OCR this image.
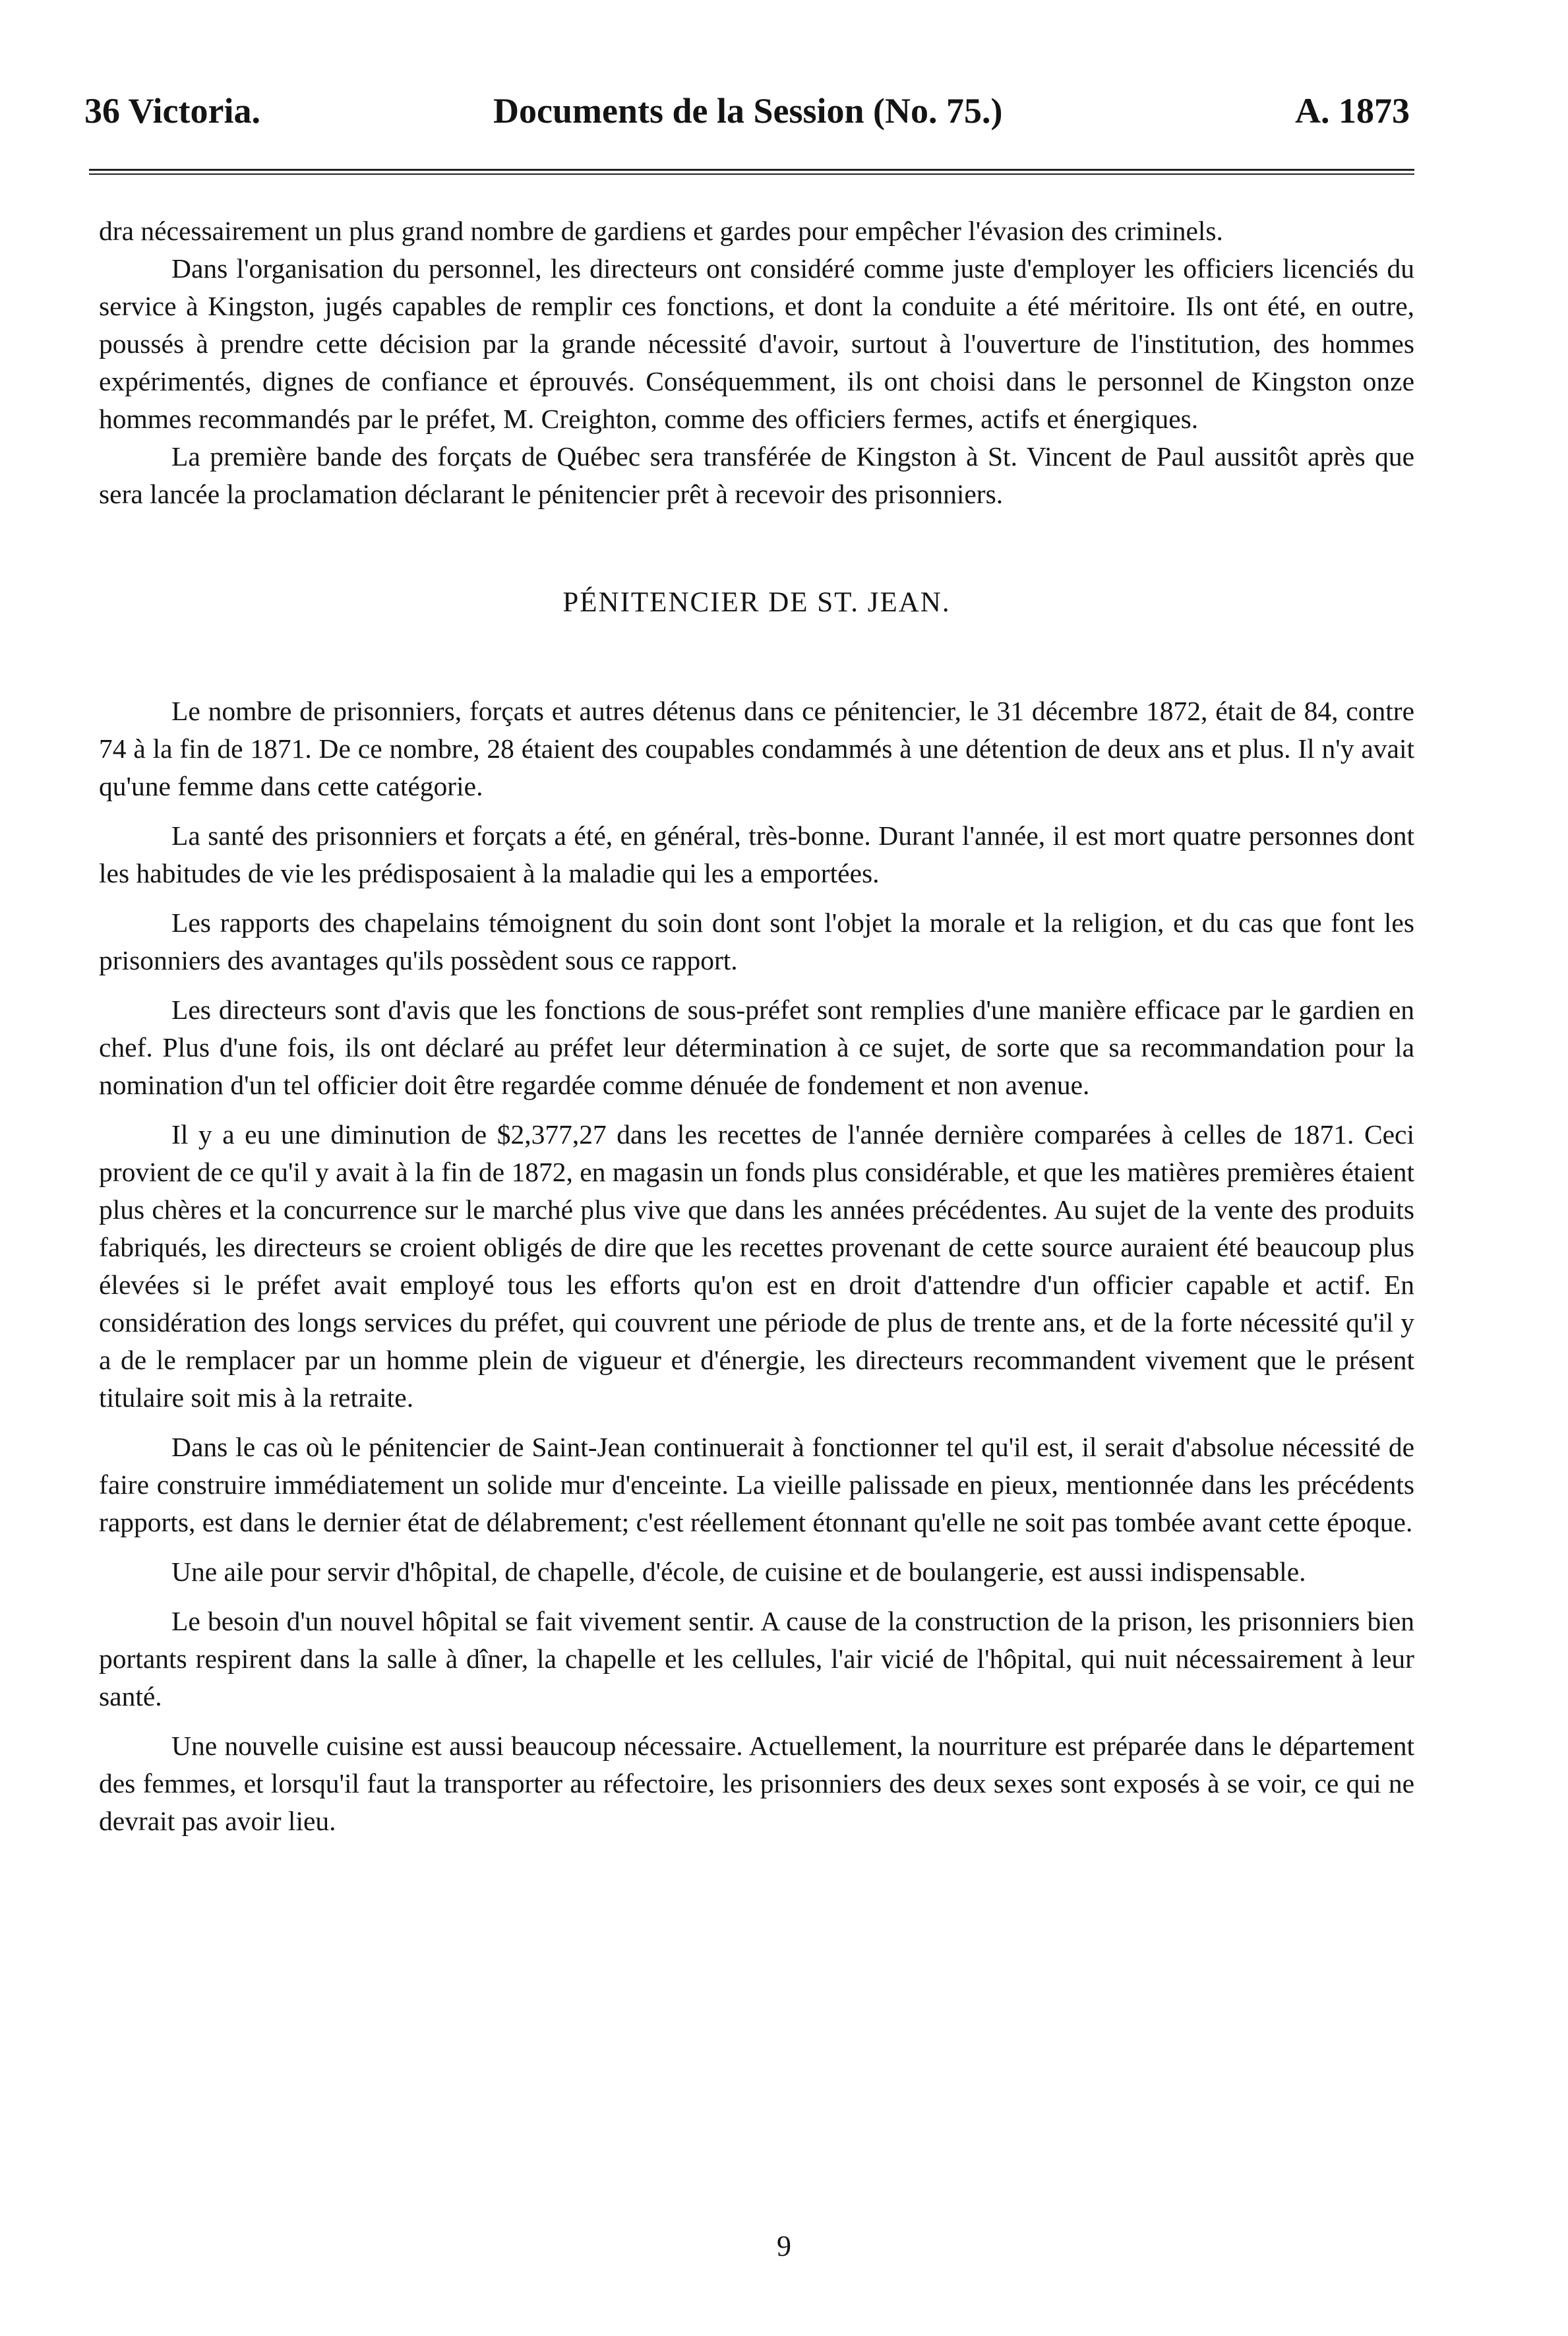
36 Victoria.	Documents de la Session (No. 75.)	A. 1873

dra nécessairement un plus grand nombre de gardiens et gardes pour empêcher l'évasion des criminels.

Dans l'organisation du personnel, les directeurs ont considéré comme juste d'employer les officiers licenciés du service à Kingston, jugés capables de remplir ces fonctions, et dont la conduite a été méritoire. Ils ont été, en outre, poussés à prendre cette décision par la grande nécessité d'avoir, surtout à l'ouverture de l'institution, des hommes expérimentés, dignes de confiance et éprouvés. Conséquemment, ils ont choisi dans le personnel de Kingston onze hommes recommandés par le préfet, M. Creighton, comme des officiers fermes, actifs et énergiques.

La première bande des forçats de Québec sera transférée de Kingston à St. Vincent de Paul aussitôt après que sera lancée la proclamation déclarant le pénitencier prêt à recevoir des prisonniers.

PÉNITENCIER DE ST. JEAN.

Le nombre de prisonniers, forçats et autres détenus dans ce pénitencier, le 31 décembre 1872, était de 84, contre 74 à la fin de 1871. De ce nombre, 28 étaient des coupables condammés à une détention de deux ans et plus. Il n'y avait qu'une femme dans cette catégorie.

La santé des prisonniers et forçats a été, en général, très-bonne. Durant l'année, il est mort quatre personnes dont les habitudes de vie les prédisposaient à la maladie qui les a emportées.

Les rapports des chapelains témoignent du soin dont sont l'objet la morale et la religion, et du cas que font les prisonniers des avantages qu'ils possèdent sous ce rapport.

Les directeurs sont d'avis que les fonctions de sous-préfet sont remplies d'une manière efficace par le gardien en chef. Plus d'une fois, ils ont déclaré au préfet leur détermination à ce sujet, de sorte que sa recommandation pour la nomination d'un tel officier doit être regardée comme dénuée de fondement et non avenue.

Il y a eu une diminution de $2,377,27 dans les recettes de l'année dernière comparées à celles de 1871. Ceci provient de ce qu'il y avait à la fin de 1872, en magasin un fonds plus considérable, et que les matières premières étaient plus chères et la concurrence sur le marché plus vive que dans les années précédentes. Au sujet de la vente des produits fabriqués, les directeurs se croient obligés de dire que les recettes provenant de cette source auraient été beaucoup plus élevées si le préfet avait employé tous les efforts qu'on est en droit d'attendre d'un officier capable et actif. En considération des longs services du préfet, qui couvrent une période de plus de trente ans, et de la forte nécessité qu'il y a de le remplacer par un homme plein de vigueur et d'énergie, les directeurs recommandent vivement que le présent titulaire soit mis à la retraite.

Dans le cas où le pénitencier de Saint-Jean continuerait à fonctionner tel qu'il est, il serait d'absolue nécessité de faire construire immédiatement un solide mur d'enceinte. La vieille palissade en pieux, mentionnée dans les précédents rapports, est dans le dernier état de délabrement; c'est réellement étonnant qu'elle ne soit pas tombée avant cette époque.

Une aile pour servir d'hôpital, de chapelle, d'école, de cuisine et de boulangerie, est aussi indispensable.

Le besoin d'un nouvel hôpital se fait vivement sentir. A cause de la construction de la prison, les prisonniers bien portants respirent dans la salle à dîner, la chapelle et les cellules, l'air vicié de l'hôpital, qui nuit nécessairement à leur santé.

Une nouvelle cuisine est aussi beaucoup nécessaire. Actuellement, la nourriture est préparée dans le département des femmes, et lorsqu'il faut la transporter au réfectoire, les prisonniers des deux sexes sont exposés à se voir, ce qui ne devrait pas avoir lieu.

9
